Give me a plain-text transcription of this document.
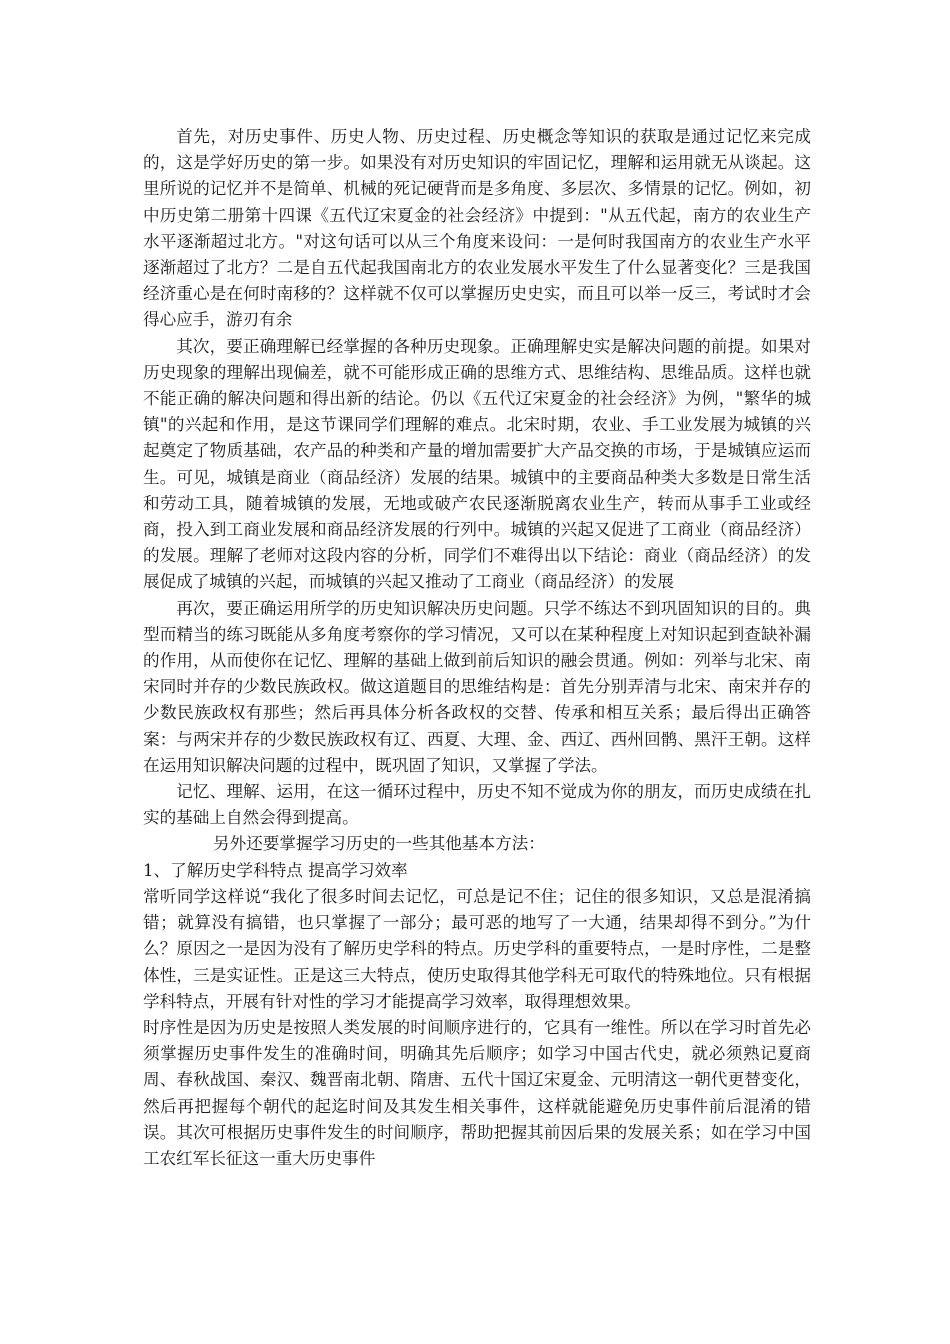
首先，对历史事件、历史人物、历史过程、历史概念等知识的获取是通过记忆来完成的，这是学好历史的第一步。如果没有对历史知识的牢固记忆，理解和运用就无从谈起。这里所说的记忆并不是简单、机械的死记硬背而是多角度、多层次、多情景的记忆。例如，初中历史第二册第十四课《五代辽宋夏金的社会经济》中提到："从五代起，南方的农业生产水平逐渐超过北方。"对这句话可以从三个角度来设问：一是何时我国南方的农业生产水平逐渐超过了北方？二是自五代起我国南北方的农业发展水平发生了什么显著变化？三是我国经济重心是在何时南移的？这样就不仅可以掌握历史史实，而且可以举一反三，考试时才会得心应手，游刃有余

其次，要正确理解已经掌握的各种历史现象。正确理解史实是解决问题的前提。如果对历史现象的理解出现偏差，就不可能形成正确的思维方式、思维结构、思维品质。这样也就不能正确的解决问题和得出新的结论。仍以《五代辽宋夏金的社会经济》为例，"繁华的城镇"的兴起和作用，是这节课同学们理解的难点。北宋时期，农业、手工业发展为城镇的兴起奠定了物质基础，农产品的种类和产量的增加需要扩大产品交换的市场，于是城镇应运而生。可见，城镇是商业（商品经济）发展的结果。城镇中的主要商品种类大多数是日常生活和劳动工具，随着城镇的发展，无地或破产农民逐渐脱离农业生产，转而从事手工业或经商，投入到工商业发展和商品经济发展的行列中。城镇的兴起又促进了工商业（商品经济）的发展。理解了老师对这段内容的分析，同学们不难得出以下结论：商业（商品经济）的发展促成了城镇的兴起，而城镇的兴起又推动了工商业（商品经济）的发展

再次，要正确运用所学的历史知识解决历史问题。只学不练达不到巩固知识的目的。典型而精当的练习既能从多角度考察你的学习情况，又可以在某种程度上对知识起到查缺补漏的作用，从而使你在记忆、理解的基础上做到前后知识的融会贯通。例如：列举与北宋、南宋同时并存的少数民族政权。做这道题目的思维结构是：首先分别弄清与北宋、南宋并存的少数民族政权有那些；然后再具体分析各政权的交替、传承和相互关系；最后得出正确答案：与两宋并存的少数民族政权有辽、西夏、大理、金、西辽、西州回鹘、黑汗王朝。这样在运用知识解决问题的过程中，既巩固了知识，又掌握了学法。

记忆、理解、运用，在这一循环过程中，历史不知不觉成为你的朋友，而历史成绩在扎实的基础上自然会得到提高。

另外还要掌握学习历史的一些其他基本方法：

1、了解历史学科特点 提高学习效率

常听同学这样说“我化了很多时间去记忆，可总是记不住；记住的很多知识，又总是混淆搞错；就算没有搞错，也只掌握了一部分；最可恶的地写了一大通，结果却得不到分。”为什么？原因之一是因为没有了解历史学科的特点。历史学科的重要特点，一是时序性，二是整体性，三是实证性。正是这三大特点，使历史取得其他学科无可取代的特殊地位。只有根据学科特点，开展有针对性的学习才能提高学习效率，取得理想效果。

时序性是因为历史是按照人类发展的时间顺序进行的，它具有一维性。所以在学习时首先必须掌握历史事件发生的准确时间，明确其先后顺序；如学习中国古代史，就必须熟记夏商周、春秋战国、秦汉、魏晋南北朝、隋唐、五代十国辽宋夏金、元明清这一朝代更替变化，然后再把握每个朝代的起迄时间及其发生相关事件，这样就能避免历史事件前后混淆的错误。其次可根据历史事件发生的时间顺序，帮助把握其前因后果的发展关系；如在学习中国工农红军长征这一重大历史事件
